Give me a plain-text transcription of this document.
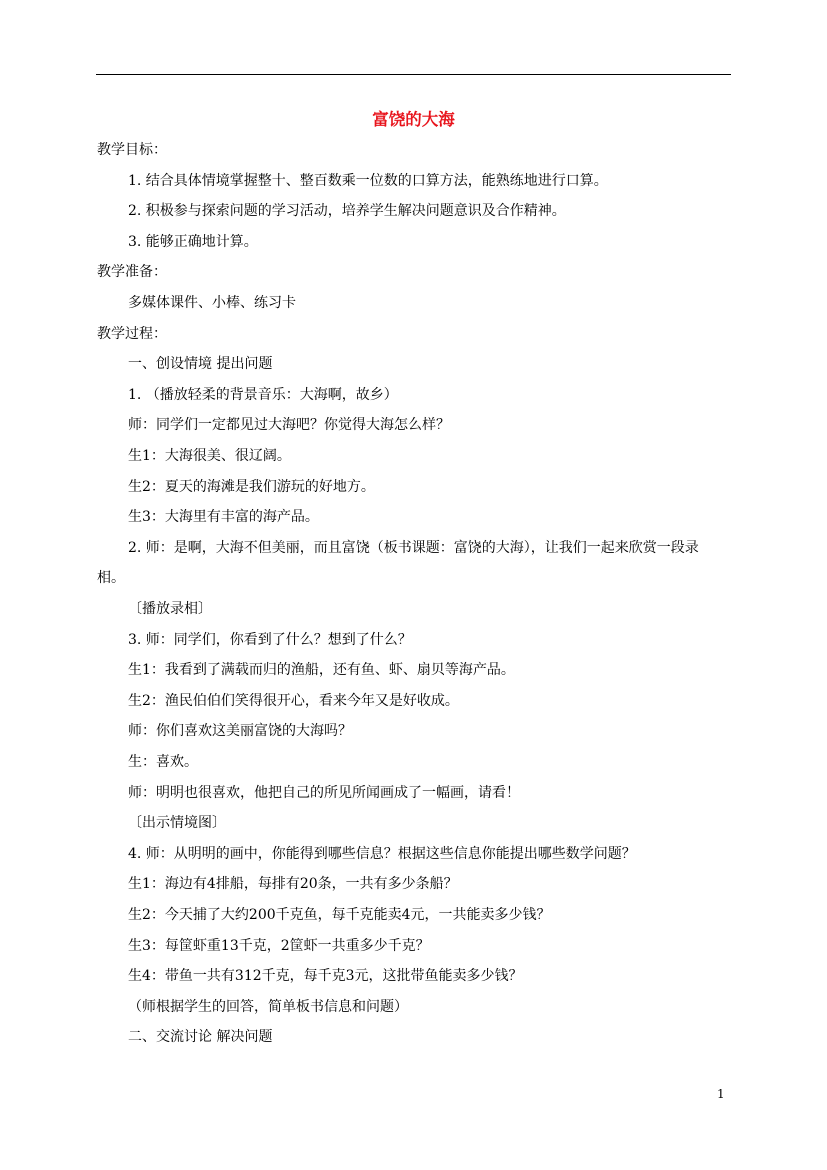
富饶的大海
教学目标：
1. 结合具体情境掌握整十、整百数乘一位数的口算方法，能熟练地进行口算。
2. 积极参与探索问题的学习活动，培养学生解决问题意识及合作精神。
3. 能够正确地计算。
教学准备：
多媒体课件、小棒、练习卡
教学过程：
一、创设情境 提出问题
1. （播放轻柔的背景音乐：大海啊，故乡）
师：同学们一定都见过大海吧？你觉得大海怎么样？
生1：大海很美、很辽阔。
生2：夏天的海滩是我们游玩的好地方。
生3：大海里有丰富的海产品。
2. 师：是啊，大海不但美丽，而且富饶（板书课题：富饶的大海），让我们一起来欣赏一段录
相。
〔播放录相〕
3. 师：同学们，你看到了什么？想到了什么？
生1：我看到了满载而归的渔船，还有鱼、虾、扇贝等海产品。
生2：渔民伯伯们笑得很开心，看来今年又是好收成。
师：你们喜欢这美丽富饶的大海吗？
生：喜欢。
师：明明也很喜欢，他把自己的所见所闻画成了一幅画，请看！
〔出示情境图〕
4. 师：从明明的画中，你能得到哪些信息？根据这些信息你能提出哪些数学问题？
生1：海边有4排船，每排有20条，一共有多少条船？
生2：今天捕了大约200千克鱼，每千克能卖4元，一共能卖多少钱？
生3：每筐虾重13千克，2筐虾一共重多少千克？
生4：带鱼一共有312千克，每千克3元，这批带鱼能卖多少钱？
（师根据学生的回答，简单板书信息和问题）
二、交流讨论 解决问题
1
